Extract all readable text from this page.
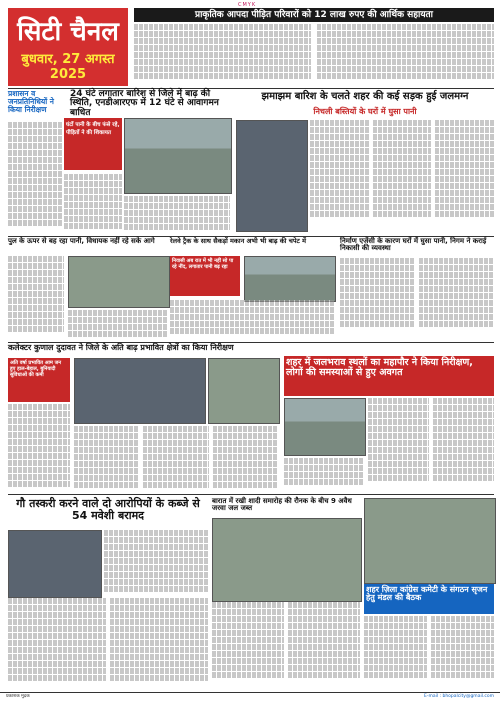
CMYK
सिटी चैनल
बुधवार, 27 अगस्त 2025
प्राकृतिक आपदा पीड़ित परिवारों को 12 लाख रुपए की आर्थिक सहायता
प्रशासन व जनप्रतिनिधियों ने किया निरीक्षण
24 घंटे लगातार बारिश से जिले में बाढ़ की स्थिति, एनडीआरएफ में 12 घंटे से आवागमन बाधित
घंटों पानी के बीच फंसे रहे, पीड़ितों ने की शिकायत
झमाझम बारिश के चलते शहर की कई सड़क हुई जलमग्न
निचली बस्तियों के घरों में घुसा पानी
पुल के ऊपर से बह रहा पानी, विधायक नहीं रहे सके आगे	रेलवे ट्रैक के साथ सैकड़ों मकान अभी भी बाढ़ की चपेट में
निवासी अब रात में भी नहीं सो पा रहे नींद, लगातार पानी बढ़ रहा
निर्माण एजेंसी के कारण घरों में घुसा पानी, निगम ने कराई निकासी की व्यवस्था
कलेक्टर कुणाल दुदावत ने जिले के अति बाढ़ प्रभावित क्षेत्रों का किया निरीक्षण
अति वर्षा प्रभावित आम जन हुए हाल-बेहाल, बुनियादी सुविधाओं की कमी
शहर में जलभराव स्थलों का महापौर ने किया निरीक्षण, लोगों की समस्याओं से हुए अवगत
गौ तस्करी करने वाले दो आरोपियों के कब्जे से 54 मवेशी बरामद
बारात में रखी शादी समारोह की रौनक के बीच 9 अवैध जरवा जल जब्त
शहर ज़िला कांग्रेस कमेटी के संगठन सृजन हेतु मंडल की बैठक
प्रकाशक मुद्रक	E-mail : bhopalcity@gmail.com
